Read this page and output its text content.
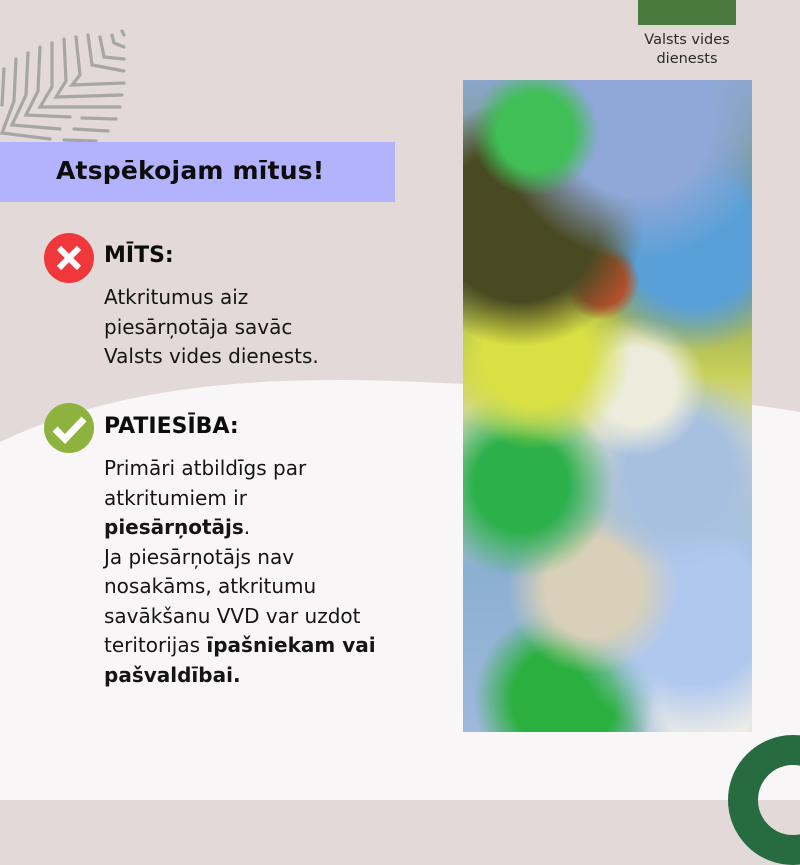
Valsts vides dienests
Atspēkojam mītus!
MĪTS:
Atkritumus aiz
piesārņotāja savāc
Valsts vides dienests.
PATIESĪBA:
Primāri atbildīgs par
atkritumiem ir
piesārņotājs.
Ja piesārņotājs nav
nosakāms, atkritumu
savākšanu VVD var uzdot
teritorijas īpašniekam vai
pašvaldībai.
